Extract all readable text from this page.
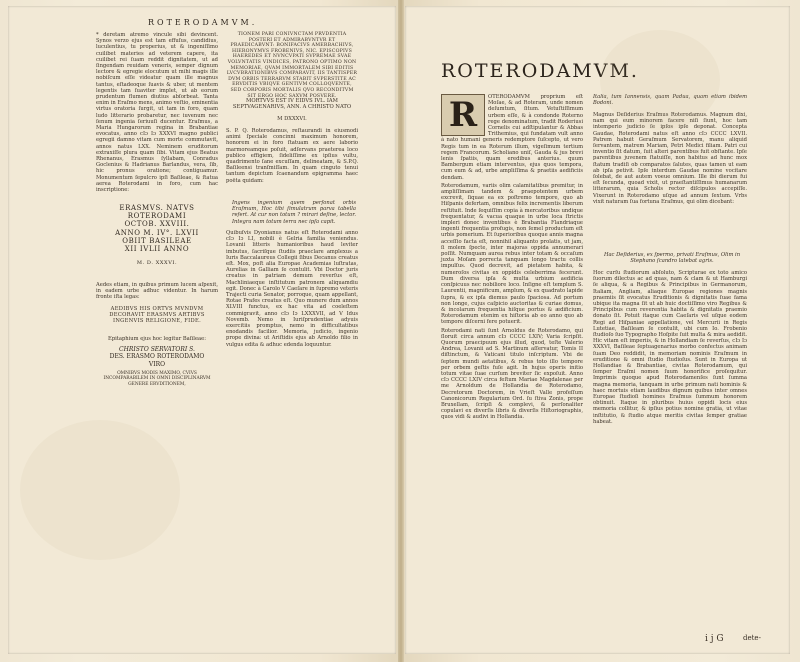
ROTERODAMVM.

* deretam atremo vincule sibi devincent. Synos verzo ejus est tam effuſus, candidius, luculentius, tu properius, ut & ingeniſſimo cuilibet materies ad veterem capere, ita cuilibet rei ſuam reddit dignitatem, ut ad ſingendam reuidam veneris, semper dignum lectore & egregie elocutum ut mihi magis ille nobiſcum eſſe videatur quam ille magnus tantus, eſtadeoque ſuavis & uber, ut mentem legentis tam ſuaviter implet, ut ab eorum prudentum flumen diutius abſorbeat. Tanta enim in Eraſmo mens, animo veſtio, eminentia virtus oratoria ſurgit, ut tam in foro, quam ludo litterario probaretur, nec iuvenum nec ſenum ingenia ſeriuuſi ducentur. Eraſmus, a Maria Hungarorum regina in Brabantiae evocatus, anno cIɔ Iɔ XXXVI magno publici egregii damno vitam cum morte commutavit, annos natus LXX. Neminem eruditorum extraxiſſe plura quam ſibi. Vitam ejus Beatus Rhenanus, Erasmus ſyllabam, Conradus Goclenius & Hadrianus Barlandus, vera, ſib, hic pronus oratione; contiguamur. Monumentum ſepulcro ipſi Baſileae, & ſtatua aerea Roterodami in foro, cum hac inscriptione:

ERASMVS. NATVS
ROTERODAMI
OCTOB. XXVIII.
ANNO M. IV°. LXVII
OBIIT BASILEAE
XII IVLII ANNO
M. D. XXXVI.

Aedes etiam, in quibus primum lucem aſpexit, in eadem urbe adhuc videntur. In harum fronte iſta legas:

AEDIBVS HIS ORTVS MVNDVM DECORAVIT ERASMVS ARTIBVS INGENVIS RELIGIONE, FIDE.

Epitaphium ejus hoc legitur Baſileae:
CHRISTO SERVATORI S.
DES. ERASMO ROTERODAMO
VIRO
OMNIBVS MODIS MAXIMO, CVIVS INCOMPARABILEM IN OMNI DISCIPLINARVM GENERE ERVDITIONEM,
TIONEM PARI CONIVNCTAM PRVDENTIA POSTERI ET ADMIRABVNTVR ET PRAEDICABVNT: BONIFACIVS AMERBACHIVS, HIERONYMVS FROBENIVS, NIC. EPISCOPIVS HAEREDES ET NVNCVPATI SVPREMAE SVAE VOLVNTATIS VINDICES, PATRONO OPTIMO NON MEMORIAE, QVAM IMMORTALEM SIBI EDITIS LVCVBRATIONIBVS COMPARAVIT, IIS TANTISPER DVM ORBIS TERRARVM STABIT SVPERSTITE AC ERVDITIS VBIQVE GENTIVM COLLOQVENTE, SED CORPORIS MORTALIS QVO RECONDITVM SIT ERGO HOC SAXVM POSVERE.
MORTVVS EST IV EIDVS IVL. IAM SEPTVAGENARIVS, ANN. A CHRISTO NATO
M DXXXVI.

S. P. Q. Roterodamus, reſtaurandi in eiusmodi animi ſpeciale concinni maximum honorem, honorem ei in foro ſtatuam ex aere laborio marmoreamque poſuit, adſervans praeterea loco publico effigiem, ſideliſſime ex ipſius vultu, quadrimento ſane excuſſam, delineatam, & S.P.Q. Baſileensi tranſmiſſam. In quam cinguto tenui tantum depictum ſcaenandum epigramma haec poëta quidam:

Ingens ingenium quem perſonat orbis Eraſmum, Hoc tibi ſimulatrum parva tabella refert. At cur non totum ? mirari deſine, lector. Integra nam totum terra nec ipſa capit.

Quibuſvis Dyonianus natus eſt Roterodami anno cIɔ Iɔ LI, nobili è Gelria familia veniendus. Lovanii litteris humanioribus haud leviter imbutus, ſacriſque ſtudiis praeclare amplexus a Iuris Baccalaureus Collegii ſibus Decanus creatus eſt. Mox, poſt alia Europae Academias luſtratas, Aurelias in Galliam ſe contulit. Vbi Doctor juris creatus in patriam demum reverſus eſt, Machliniaeque inſtitutum patronem aliquamdiu egit. Donec à Carolo V Caeſare in ſupremo veteris Trajecti curia Senator, porroque, quam appellant, Rotae Prafes creatus eſt. Quo munere dum annos XLVIII functus, ex hac vita ad coeleſtem commigravit, anno cIɔ Iɔ LXXXVII, ad V Idus Novemb. Nemo in Iuriſprudentiae adyuis exercitiis promptus, nemo in difficultatibus enodandis facilior. Memoria, judicio, ingenio prope divina: ut Ariſtidis ejus ab Arnoldo filio in vulgus edita & adhuc edenda loquuntur.

ROTERODAMVM.
R	OTERODAMVM proprium eſt Moſae, & ad Roteram, unde nomen deſumtum, ſitum. Vetuſtiſſimum urbem eſſe, & à condonde Roterno rege denominatum, tradit Roderiusi Cornelis cui adſtipulantur & Abbas Trithemius, qui fundatam vult anno à nato humani generis redemptore ſuſcepto, ut vero Regis tum in ea Roterum illum, vigeſimum tertium regem Francorum. Scholiano uniſ, Gauda & jus brevi lenis ſpatiis, quam eredibus anterius. quum Bambergum etiam interventus, ejus quos tempora, cum eum & ad, urbe ampliſſima & praetiis aedificiis dendam.

Roterodamum, variis olim calamitatibus premitur, in ampliſſimam tandem & praepotentem urbem excrevit, ſiquae ea ex poſtremo tempore, quo ab Hiſpanis defertam, omnibus felix incrementis liberum reſtituit. Inde ſequiſſim copia à mercatoribus undique frequentatur, & vacua quaque in urbe loca ſtrictis impleri donec inventibus è Brabantia Flandriaque ingenti frequentia profugis, non ſemel productum eſt urbis pomerium. Et ſuperioribus quoque annis magna acceſſio facta eſt, nonnihil aliquanto prolatis, ut jam, ſi molem ſpecte, inter majoras oppida annumerari poſſit. Numquam aurea rebus inter totam & occaſum juxta Moſam porrecta tanquam longo tractu collis impulſus. Quod decrevit, ad pietatem habita, & numeroſos civitas ex oppidis celeberrima fecerunt. Dum diversa ipſa & multa urbium aedificia conſpicuus nec nobiliore loco. Inſigne eſt templum S. Laurentii, magnificum, amplum, & ex quadrato lapide ſupra, & ex ipſa diemus paulo ſpaciosa. Ad portum non longe, cujus caſpicio auctoritas & curiae domus, & incolarum frequentia hiſque portus & ædificium. Roterodamum etenim ex hiſtoria ab eo anno quo ab tempore diſcerni fere potuerit.

Roterodami nati ſunt Arnoldus de Roterodamo, qui ſloruit circa annum cIɔ CCCC LXIV; Varia ſcripſit. Quorum praecipuum ejus illud, quod, teſte Valerio Andrea, Lovanii ad S. Martinum aſſervatur, Tomis II diſtinctum, & Vaticani titulo inſcriptum. Vbi de ſeptem mundi aetatibus, & rebus toto illo tempore per orbem geſtis fuſe agit. In hujus operis initio totum vitae ſuae curſum breviter ſic expoſuit. Anno cIɔ CCCC LXIV circa feſtum Mariae Magdalenae per me Arnoldum de Hollandia de Roterodamo, Decretorum Doctorem, in Vrieſt Valle profeſſum Canonicorum Regularium Ord. ſu ſtiva Zonis, prope Bruxellam, ſcripſi & complevi, & perſonaliter copulavi ex diverſis libris & diverſis Hiſtoriographis, quos vidi & audivi in Hollandia.

Italia, tum Iannensis, quam Padua, quam etiam ibidem Bodoni.

Magnus Deſiderius Eraſmus Roterodamus. Magnum dixi, nam qui eum minorem facere niſi ſiunt, hoc tam intemperio judicio ſe ipſos ipſe deponat. Concepta Gaudae, Roterodami natus eſt anno cIɔ CCCC LXVII. Patrem habuit Geraſmum Servatorem, manu aliquid ſervantem, matrem Mariam, Petri Medici filiam. Patri cui inventio ſit datum, ſuit alteri parentibus fuit obſtante. Ipſe parentibus juvenem ſtatuiſſe, non habitus ad hunc mox ſtatum tradiſi ob comparatos ſalutes, quas tamen ut eam ab ipſa petivit. Ipſe interdum Gaudae nomine vocitare ſolebat, de aut autem voeue omnium. Ille ibi dierum fui eſt ſecunda, quoad vixit, ut praeſtantiſſimus humanarum litterarum, quia Scholis rector diſcipulos accepiſſe. Vixerunt in Roterodamo uſque ad annum ſextum. Vrbs vixit naturam ſua fortuna Eraſmus, qui olim dicebant:

Hac Deſiderius, ex ſpermo, privati Eraſmus, Olim in Stephano ſcandro latebat agris.

Hoc curſu ſtudiorum abſoluto, Scripturae ex toto amico ſuorum dilectus ac ad quas, nam & clam & ut Hamburgi ſe aliqua, & a Regibus & Principibus in Germanorum, Italiam, Angliam, aliaque Europae regiones magnis praemiis ſit evocatus Eruditionis & dignitatis ſuae fama ubique ita magna ſit ut ab huic doctiſſimo viro Regibus & Principibus cum reverentia habita & dignitatis praemio donato ſit. Potuit itaque cum Caeſaris vel uſque eodem Regi ad Hiſpaniae appellatione, vel Mercurii in Regis Lutetiae, Baſileam ſe contulit, ubi cum Io. Frobenio ſtudioſo ſuo Typographo Hoſpite ſuit multa & mira aedidit. Hic vitam eſt imperiis, & in Hollandiam ſe reverſus, cIɔ Iɔ XXXVI, Baſileae ſeptuagenarius morbo confectus animam ſuam Deo reddidit, in memoriam nominis Eraſmum in eruditione & omni ſtudio ſtudioſus. Sunt in Europa ut Hollandiae & Brabantiae, civitas Roterodamum, qui ſemper Eraſmi nomen ſuum honorifice proſequitur. Imprimis quoque apud Roterodamenſes ſunt ſumma magna memoria, tanquam in urbe primum nati hominis & haec mortuis etiam laudibus dignum quibus inter omnes Europae ſtudioſi homines Eraſmus ſummum honorem obtinuit. Itaque in pluribus huius oppidi locis eius memoria collitur, & ipſius potius nomine gratia, ut vitae inſtitutio, & ſtudio atque meritis civitas ſemper gratiae habeat.

i j G	dete-
